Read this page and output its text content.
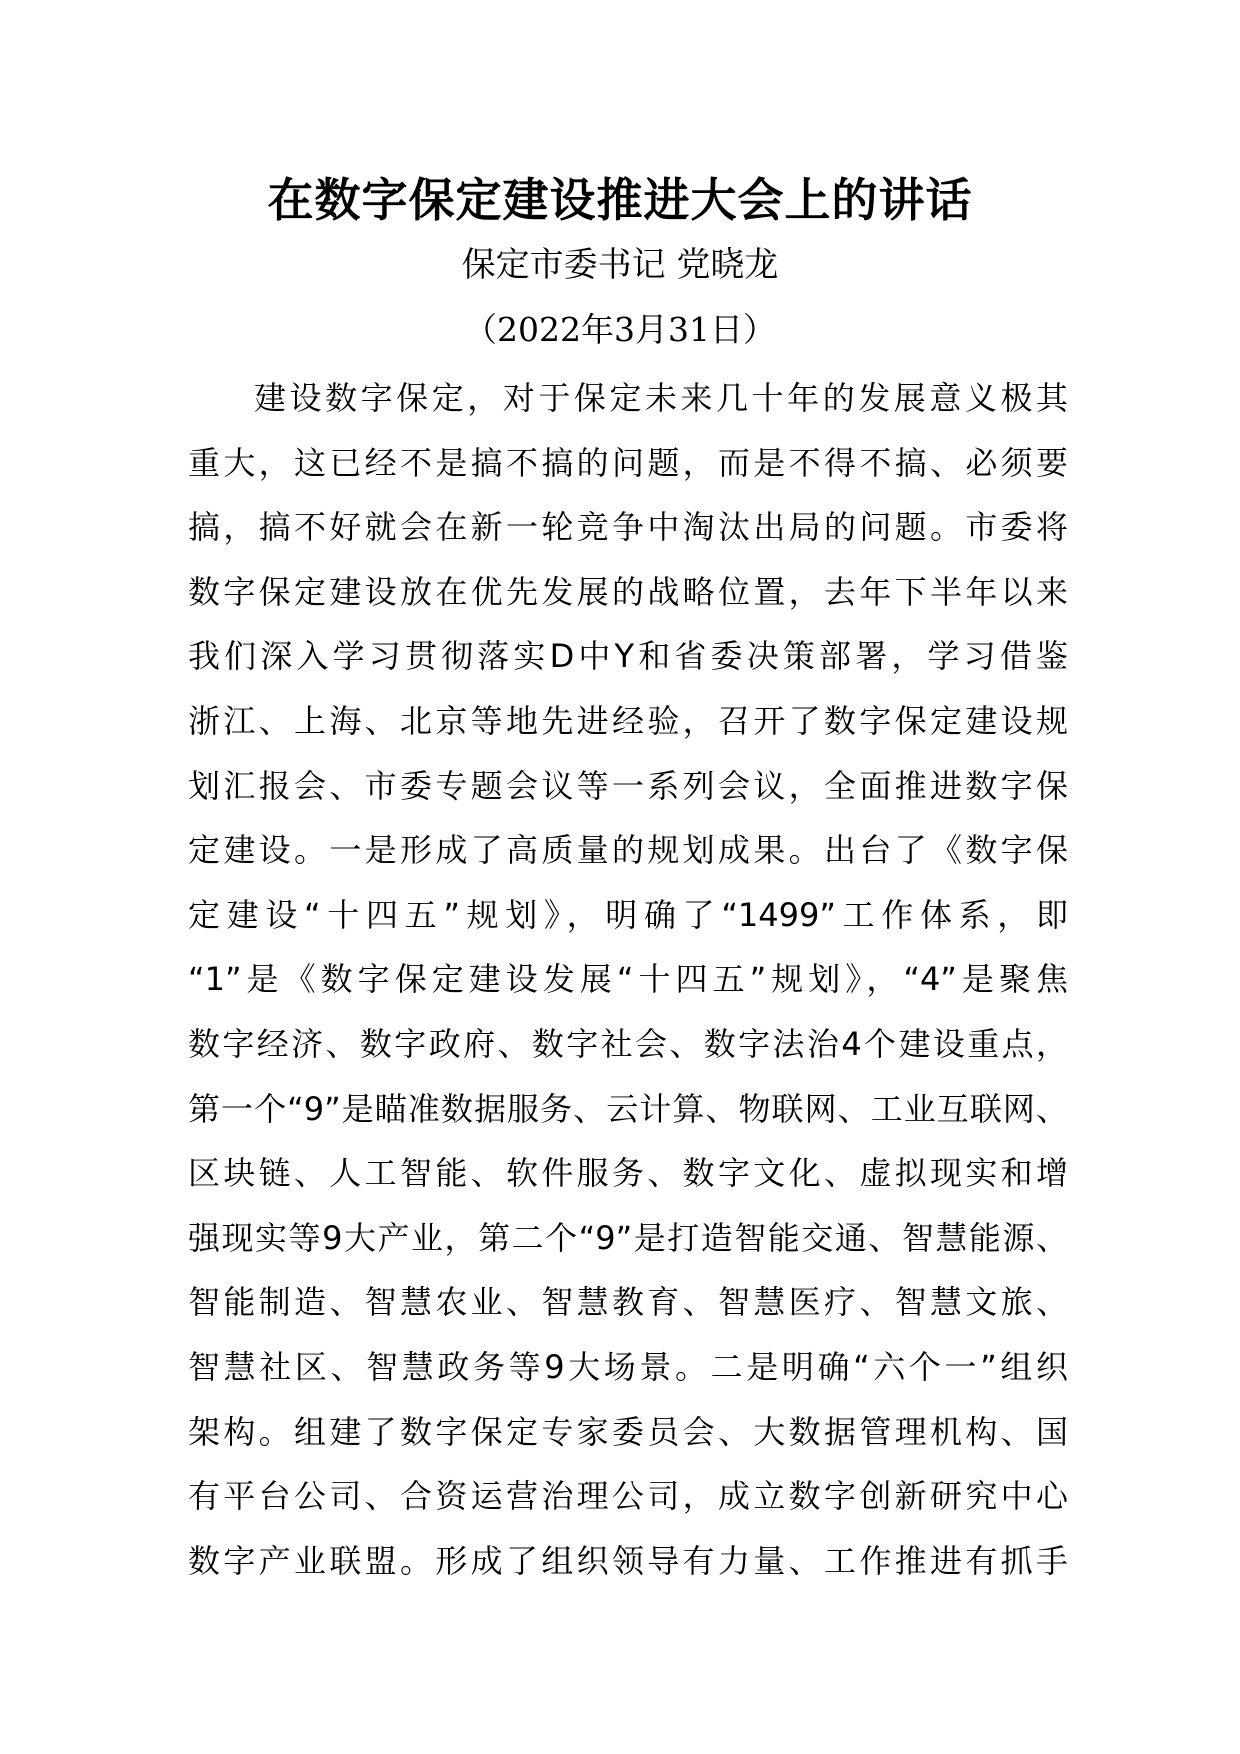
在数字保定建设推进大会上的讲话

保定市委书记 党晓龙

（2022年3月31日）

建设数字保定，对于保定未来几十年的发展意义极其
重大，这已经不是搞不搞的问题，而是不得不搞、必须要
搞，搞不好就会在新一轮竞争中淘汰出局的问题。市委将
数字保定建设放在优先发展的战略位置，去年下半年以来
我们深入学习贯彻落实D中Y和省委决策部署，学习借鉴
浙江、上海、北京等地先进经验，召开了数字保定建设规
划汇报会、市委专题会议等一系列会议，全面推进数字保
定建设。一是形成了高质量的规划成果。出台了《数字保
定建设“十四五”规划》，明确了“1499”工作体系，即
“1”是《数字保定建设发展“十四五”规划》，“4”是聚焦
数字经济、数字政府、数字社会、数字法治4个建设重点，
第一个“9”是瞄准数据服务、云计算、物联网、工业互联网、
区块链、人工智能、软件服务、数字文化、虚拟现实和增
强现实等9大产业，第二个“9”是打造智能交通、智慧能源、
智能制造、智慧农业、智慧教育、智慧医疗、智慧文旅、
智慧社区、智慧政务等9大场景。二是明确“六个一”组织
架构。组建了数字保定专家委员会、大数据管理机构、国
有平台公司、合资运营治理公司，成立数字创新研究中心
数字产业联盟。形成了组织领导有力量、工作推进有抓手
